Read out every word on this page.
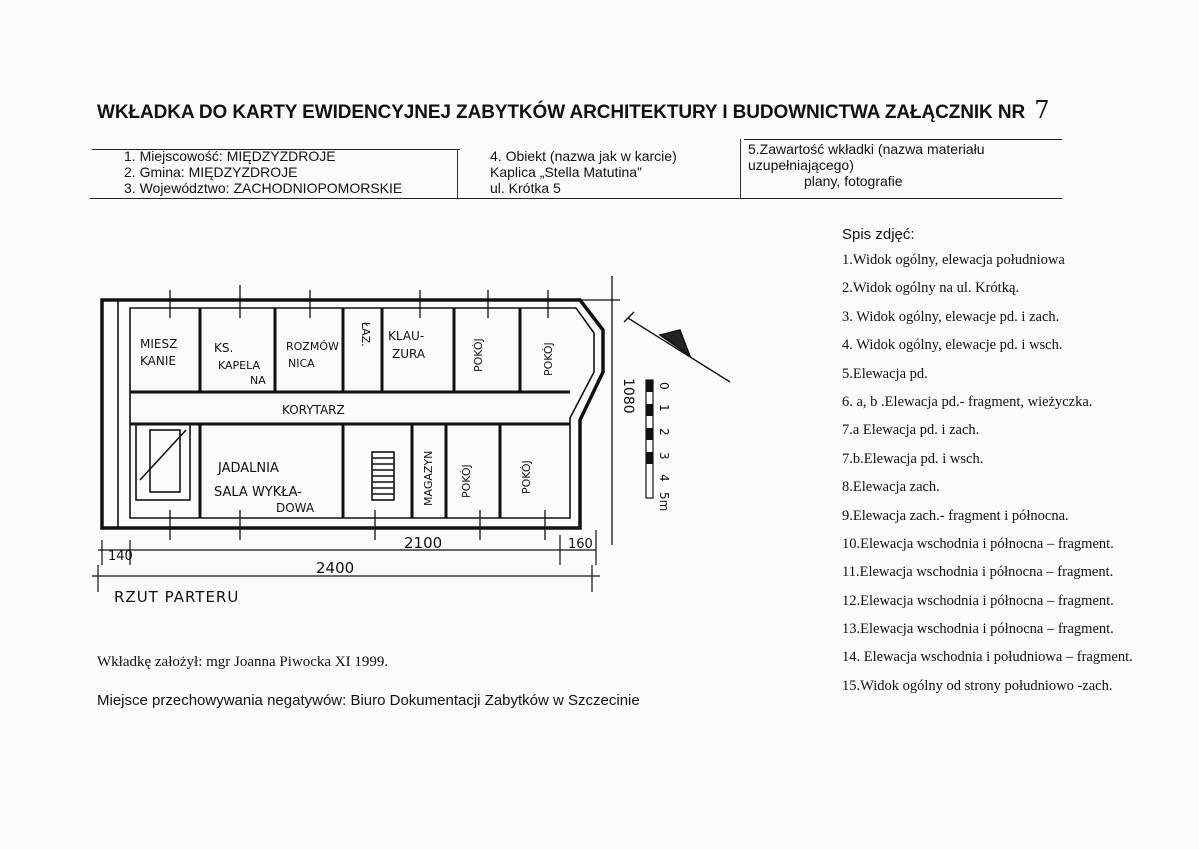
WKŁADKA DO KARTY EWIDENCYJNEJ ZABYTKÓW ARCHITEKTURY I BUDOWNICTWA ZAŁĄCZNIK NR 7
1. Miejscowość: MIĘDZYZDROJE
2. Gmina: MIĘDZYZDROJE
3. Województwo: ZACHODNIOPOMORSKIE
4. Obiekt (nazwa jak w karcie)
Kaplica „Stella Matutina”
ul. Krótka 5
5.Zawartość wkładki (nazwa materiału
uzupełniającego)
plany, fotografie
Spis zdjęć:
1.Widok ogólny, elewacja południowa
2.Widok ogólny na ul. Krótką.
3. Widok ogólny, elewacje pd. i zach.
4. Widok ogólny, elewacje pd. i wsch.
5.Elewacja pd.
6. a, b .Elewacja pd.- fragment, wieżyczka.
7.a Elewacja pd. i zach.
7.b.Elewacja pd. i wsch.
8.Elewacja zach.
9.Elewacja zach.- fragment i północna.
10.Elewacja wschodnia i północna – fragment.
11.Elewacja wschodnia i północna – fragment.
12.Elewacja wschodnia i północna – fragment.
13.Elewacja wschodnia i północna – fragment.
14. Elewacja wschodnia i południowa – fragment.
15.Widok ogólny od strony południowo -zach.
MIESZ
KANIE
KS.
KAPELA
NA
ROZMÓW
NICA
KLAU-
ZURA
KORYTARZ
JADALNIA
SALA WYKŁA-
DOWA
ŁAZ.
POKÓJ	POKÓJ
MAGAZYN POKÓJ	POKÓJ
140
2100	160
2400
1080 0
1
2
3
4
5m
RZUT PARTERU
Wkładkę założył: mgr Joanna Piwocka XI 1999.
Miejsce przechowywania negatywów: Biuro Dokumentacji Zabytków w Szczecinie
